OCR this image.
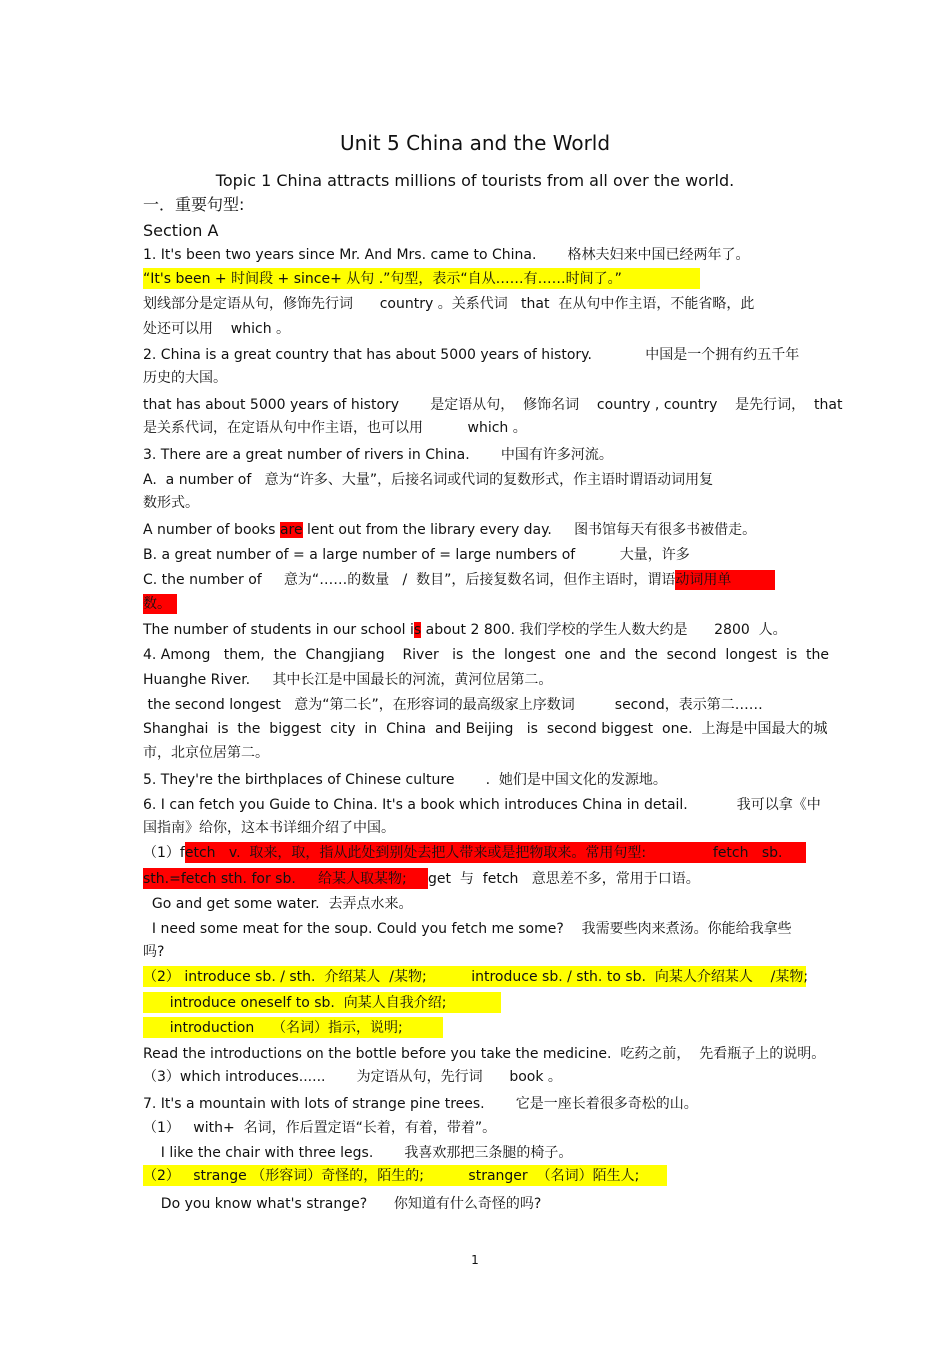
Unit 5 China and the World
Topic 1 China attracts millions of tourists from all over the world.
一．重要句型:
Section A
1. It's been two years since Mr. And Mrs. came to China.       格林夫妇来中国已经两年了。
“It's been + 时间段 + since+ 从句 .”句型，表示“自从……有……时间了。”
划线部分是定语从句，修饰先行词      country 。关系代词   that  在从句中作主语，不能省略，此
处还可以用    which 。
2. China is a great country that has about 5000 years of history.            中国是一个拥有约五千年
历史的大国。
that has about 5000 years of history       是定语从句，  修饰名词    country , country    是先行词，  that
是关系代词，在定语从句中作主语，也可以用          which 。
3. There are a great number of rivers in China.       中国有许多河流。
A.  a number of   意为“许多、大量”，后接名词或代词的复数形式，作主语时谓语动词用复
数形式。
A number of books are lent out from the library every day.     图书馆每天有很多书被借走。
B. a great number of = a large number of = large numbers of          大量，许多
C. the number of     意为“……的数量   /  数目”，后接复数名词，但作主语时，谓语动词用单
数。
The number of students in our school is about 2 800. 我们学校的学生人数大约是      2800  人。
4. Among   them,  the  Changjiang    River   is  the  longest  one  and  the  second  longest  is  the
Huanghe River.     其中长江是中国最长的河流，黄河位居第二。
the second longest   意为“第二长”，在形容词的最高级家上序数词         second，表示第二……
Shanghai  is  the  biggest  city  in  China  and Beijing   is  second biggest  one.  上海是中国最大的城
市，北京位居第二。
5. They're the birthplaces of Chinese culture       .  她们是中国文化的发源地。
6. I can fetch you Guide to China. It's a book which introduces China in detail.           我可以拿《中
国指南》给你，这本书详细介绍了中国。
（1）fetch   v.  取来，取，指从此处到别处去把人带来或是把物取来。常用句型:               fetch   sb.
sth.=fetch sth. for sb.     给某人取某物; get  与  fetch   意思差不多，常用于口语。
Go and get some water.  去弄点水来。
I need some meat for the soup. Could you fetch me some?    我需要些肉来煮汤。你能给我拿些
吗?
（2） introduce sb. / sth.  介绍某人  /某物;          introduce sb. / sth. to sb.  向某人介绍某人    /某物;
introduce oneself to sb.  向某人自我介绍;
introduction    （名词）指示，说明;
Read the introductions on the bottle before you take the medicine.  吃药之前，  先看瓶子上的说明。
（3）which introduces......       为定语从句，先行词      book 。
7. It's a mountain with lots of strange pine trees.       它是一座长着很多奇松的山。
（1）   with+  名词，作后置定语“长着，有着，带着”。
I like the chair with three legs.       我喜欢那把三条腿的椅子。
（2）   strange （形容词）奇怪的，陌生的;          stranger  （名词）陌生人;
Do you know what's strange?      你知道有什么奇怪的吗?
1
